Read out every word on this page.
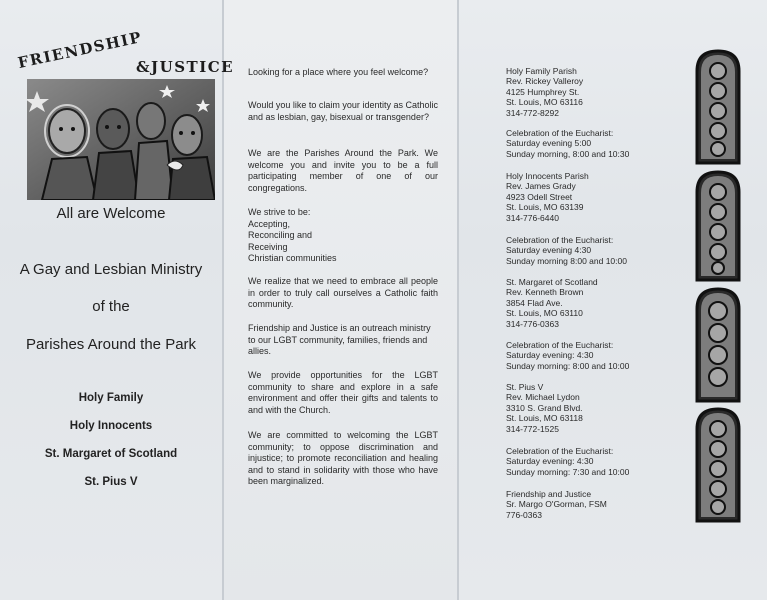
FRIENDSHIP
&JUSTICE
All are Welcome
A Gay and Lesbian Ministry
of the
Parishes Around the Park
Holy Family
Holy Innocents
St. Margaret of Scotland
St. Pius V

Looking for a place where you feel welcome?

Would you like to claim your identity as Catholic and as lesbian, gay, bisexual or transgender?

We are the Parishes Around the Park. We welcome you and invite you to be a full participating member of one of our congregations.

We strive to be:

Accepting,

Reconciling and

Receiving

Christian communities

We realize that we need to embrace all people in order to truly call ourselves a Catholic faith community.

Friendship and Justice is an outreach ministry to our LGBT community, families, friends and allies.

We provide opportunities for the LGBT community to share and explore in a safe environment and offer their gifts and talents to and with the Church.

We are committed to welcoming the LGBT community; to oppose discrimination and injustice; to promote reconciliation and healing and to stand in solidarity with those who have been marginalized.

Holy Family Parish
Rev. Rickey Valleroy
4125 Humphrey St.
St. Louis, MO 63116
314-772-8292
Celebration of the Eucharist:
Saturday evening 5:00
Sunday morning, 8:00 and 10:30
Holy Innocents Parish
Rev. James Grady
4923 Odell Street
St. Louis, MO 63139
314-776-6440
Celebration of the Eucharist:
Saturday evening 4:30
Sunday morning 8:00 and 10:00
St. Margaret of Scotland
Rev. Kenneth Brown
3854 Flad Ave.
St. Louis, MO 63110
314-776-0363
Celebration of the Eucharist:
Saturday evening: 4:30
Sunday morning: 8:00 and 10:00
St. Pius V
Rev. Michael Lydon
3310 S. Grand Blvd.
St. Louis, MO 63118
314-772-1525
Celebration of the Eucharist:
Saturday evening: 4:30
Sunday morning: 7:30 and 10:00
Friendship and Justice
Sr. Margo O'Gorman, FSM
776-0363
